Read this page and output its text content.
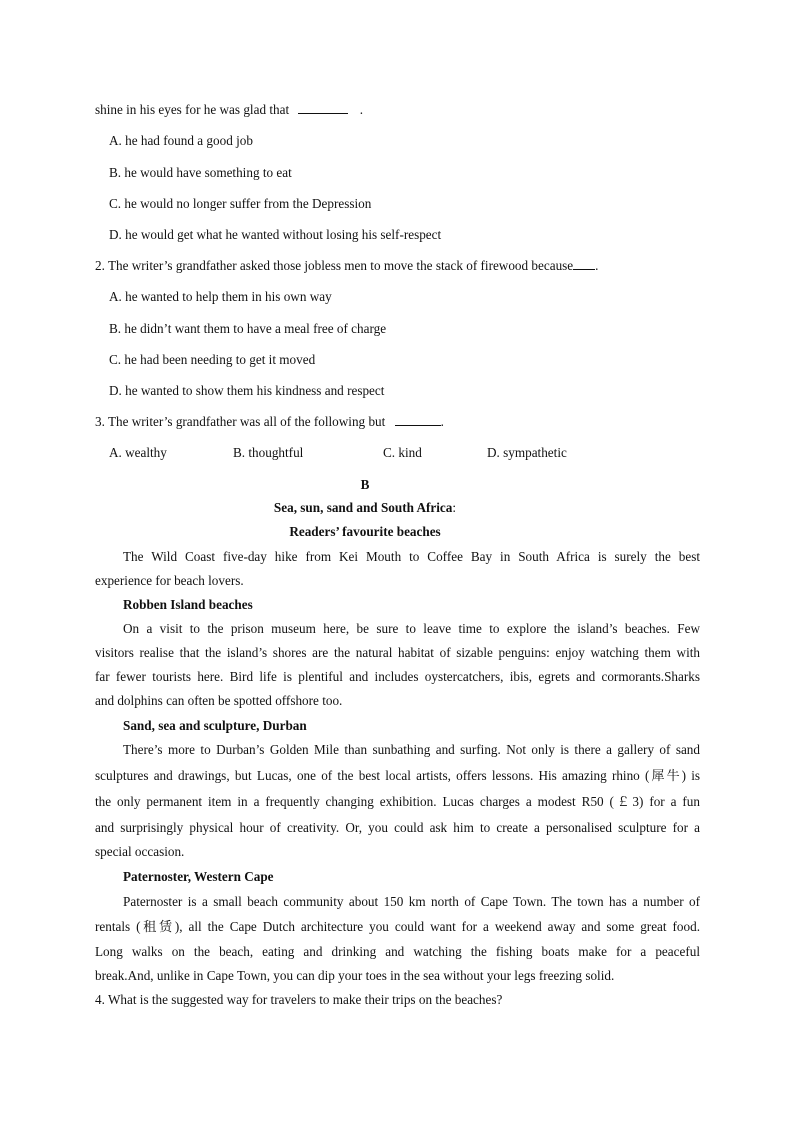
shine in his eyes for he was glad that	.
A. he had found a good job
B. he would have something to eat
C. he would no longer suffer from the Depression
D. he would get what he wanted without losing his self-respect
2. The writer’s grandfather asked those jobless men to move the stack of firewood because .
A. he wanted to help them in his own way
B. he didn’t want them to have a meal free of charge
C. he had been needing to get it moved
D. he wanted to show them his kindness and respect
3. The writer’s grandfather was all of the following but	.
A. wealthy	B. thoughtful	C. kind	D. sympathetic
B
Sea, sun, sand and South Africa:
Readers’ favourite beaches
The Wild Coast five-day hike from Kei Mouth to Coffee Bay in South Africa is surely the best
experience for beach lovers.
Robben Island beaches
On a visit to the prison museum here, be sure to leave time to explore the island’s beaches. Few
visitors realise that the island’s shores are the natural habitat of sizable penguins: enjoy watching them with
far fewer tourists here. Bird life is plentiful and includes oystercatchers, ibis, egrets and cormorants.Sharks
and dolphins can often be spotted offshore too.
Sand, sea and sculpture, Durban
There’s more to Durban’s Golden Mile than sunbathing and surfing. Not only is there a gallery of sand
sculptures and drawings, but Lucas, one of the best local artists, offers lessons. His amazing rhino (犀牛) is
the only permanent item in a frequently changing exhibition. Lucas charges a modest R50 (￡3) for a fun
and surprisingly physical hour of creativity. Or, you could ask him to create a personalised sculpture for a
special occasion.
Paternoster, Western Cape
Paternoster is a small beach community about 150 km north of Cape Town. The town has a number of
rentals (租赁), all the Cape Dutch architecture you could want for a weekend away and some great food.
Long walks on the beach, eating and drinking and watching the fishing boats make for a peaceful
break.And, unlike in Cape Town, you can dip your toes in the sea without your legs freezing solid.
4. What is the suggested way for travelers to make their trips on the beaches?
